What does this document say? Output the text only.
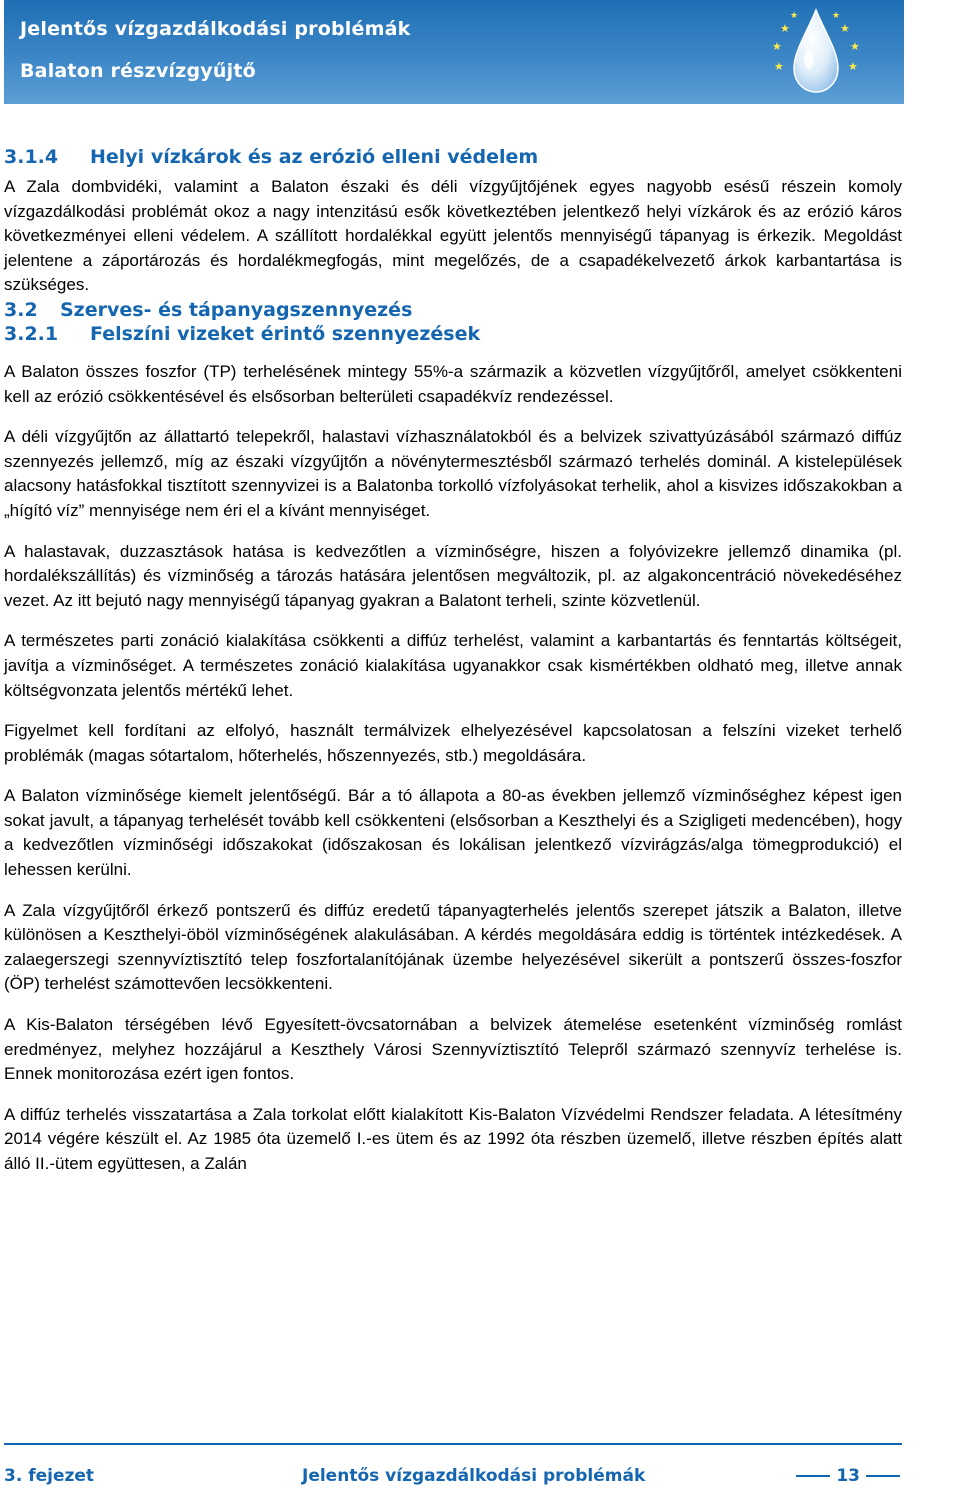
Jelentős vízgazdálkodási problémák
Balaton részvízgyűjtő
★
★
★
★
★
★
★	★
3.1.4 Helyi vízkárok és az erózió elleni védelem

A Zala dombvidéki, valamint a Balaton északi és déli vízgyűjtőjének egyes nagyobb esésű részein komoly vízgazdálkodási problémát okoz a nagy intenzitású esők következtében jelentkező helyi vízkárok és az erózió káros következményei elleni védelem. A szállított hordalékkal együtt jelentős mennyiségű tápanyag is érkezik. Megoldást jelentene a záportározás és hordalékmegfogás, mint megelőzés, de a csapadékelvezető árkok karbantartása is szükséges.

3.2 Szerves- és tápanyagszennyezés
3.2.1 Felszíni vizeket érintő szennyezések

A Balaton összes foszfor (TP) terhelésének mintegy 55%-a származik a közvetlen vízgyűjtőről, amelyet csökkenteni kell az erózió csökkentésével és elsősorban belterületi csapadékvíz rendezéssel.

A déli vízgyűjtőn az állattartó telepekről, halastavi vízhasználatokból és a belvizek szivattyúzásából származó diffúz szennyezés jellemző, míg az északi vízgyűjtőn a növénytermesztésből származó terhelés dominál. A kistelepülések alacsony hatásfokkal tisztított szennyvizei is a Balatonba torkolló vízfolyásokat terhelik, ahol a kisvizes időszakokban a „hígító víz” mennyisége nem éri el a kívánt mennyiséget.

A halastavak, duzzasztások hatása is kedvezőtlen a vízminőségre, hiszen a folyóvizekre jellemző dinamika (pl. hordalékszállítás) és vízminőség a tározás hatására jelentősen megváltozik, pl. az algakoncentráció növekedéséhez vezet. Az itt bejutó nagy mennyiségű tápanyag gyakran a Balatont terheli, szinte közvetlenül.

A természetes parti zonáció kialakítása csökkenti a diffúz terhelést, valamint a karbantartás és fenntartás költségeit, javítja a vízminőséget. A természetes zonáció kialakítása ugyanakkor csak kismértékben oldható meg, illetve annak költségvonzata jelentős mértékű lehet.

Figyelmet kell fordítani az elfolyó, használt termálvizek elhelyezésével kapcsolatosan a felszíni vizeket terhelő problémák (magas sótartalom, hőterhelés, hőszennyezés, stb.) megoldására.

A Balaton vízminősége kiemelt jelentőségű. Bár a tó állapota a 80-as években jellemző vízminőséghez képest igen sokat javult, a tápanyag terhelését tovább kell csökkenteni (elsősorban a Keszthelyi és a Szigligeti medencében), hogy a kedvezőtlen vízminőségi időszakokat (időszakosan és lokálisan jelentkező vízvirágzás/alga tömegprodukció) el lehessen kerülni.

A Zala vízgyűjtőről érkező pontszerű és diffúz eredetű tápanyagterhelés jelentős szerepet játszik a Balaton, illetve különösen a Keszthelyi-öböl vízminőségének alakulásában. A kérdés megoldására eddig is történtek intézkedések. A zalaegerszegi szennyvíztisztító telep foszfortalanítójának üzembe helyezésével sikerült a pontszerű összes-foszfor (ÖP) terhelést számottevően lecsökkenteni.

A Kis-Balaton térségében lévő Egyesített-övcsatornában a belvizek átemelése esetenként vízminőség romlást eredményez, melyhez hozzájárul a Keszthely Városi Szennyvíztisztító Telepről származó szennyvíz terhelése is. Ennek monitorozása ezért igen fontos.

A diffúz terhelés visszatartása a Zala torkolat előtt kialakított Kis-Balaton Vízvédelmi Rendszer feladata. A létesítmény 2014 végére készült el. Az 1985 óta üzemelő I.-es ütem és az 1992 óta részben üzemelő, illetve részben építés alatt álló II.-ütem együttesen, a Zalán

3. fejezet	Jelentős vízgazdálkodási problémák	13
